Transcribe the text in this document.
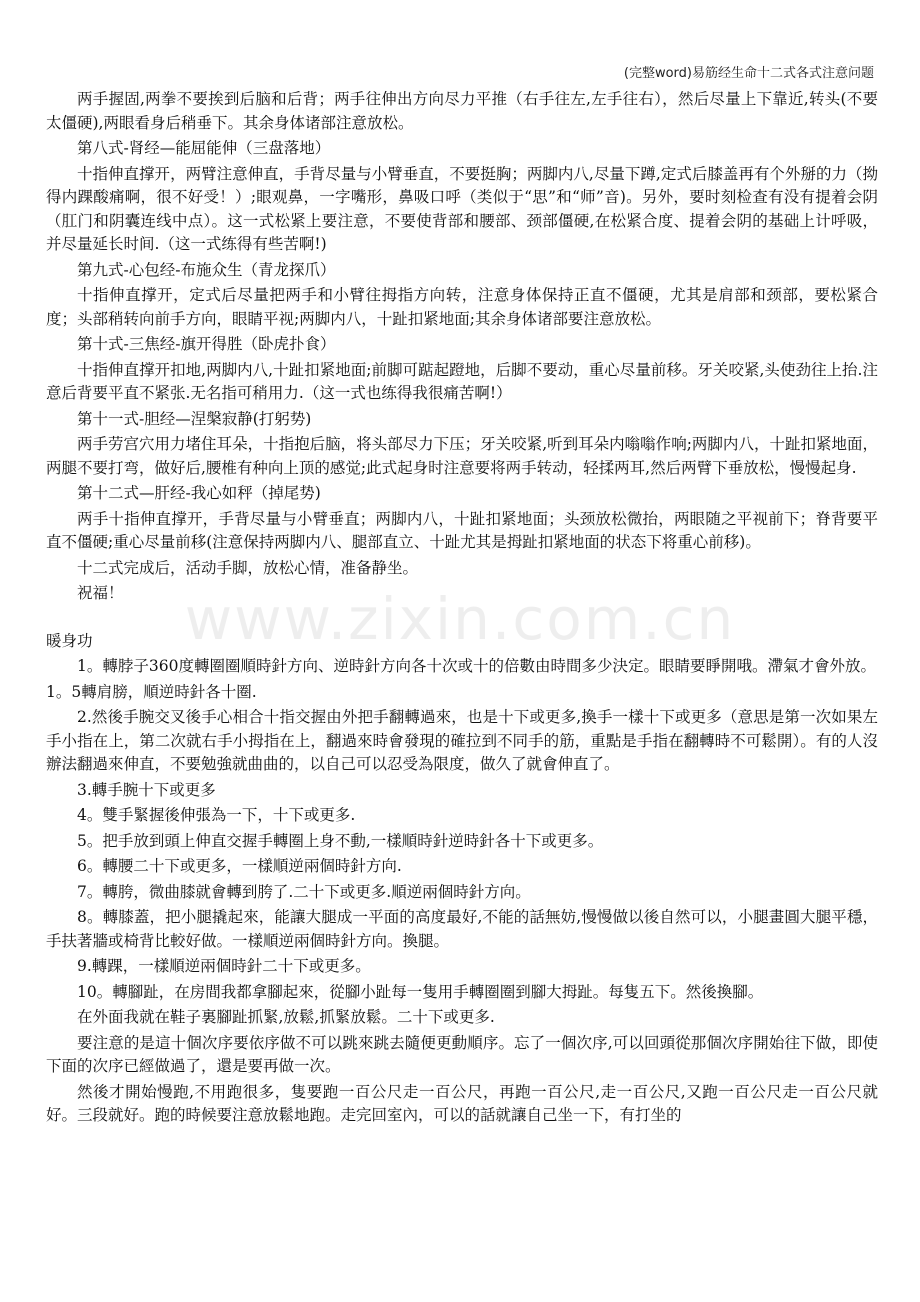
(完整word)易筋经生命十二式各式注意问题
www.zixin.com.cn

两手握固,两拳不要挨到后脑和后背；两手往伸出方向尽力平推（右手往左,左手往右），然后尽量上下靠近,转头(不要太僵硬),两眼看身后稍垂下。其余身体诸部注意放松。

第八式-肾经—能屈能伸（三盘落地）

十指伸直撑开，两臂注意伸直，手背尽量与小臂垂直，不要挺胸；两脚内八,尽量下蹲,定式后膝盖再有个外掰的力（拗得内踝酸痛啊，很不好受！）;眼观鼻，一字嘴形，鼻吸口呼（类似于“思”和“师”音)。另外，要时刻检查有没有提着会阴（肛门和阴囊连线中点）。这一式松紧上要注意，不要使背部和腰部、颈部僵硬,在松紧合度、提着会阴的基础上计呼吸，并尽量延长时间.（这一式练得有些苦啊!)

第九式-心包经-布施众生（青龙探爪）

十指伸直撑开，定式后尽量把两手和小臂往拇指方向转，注意身体保持正直不僵硬，尤其是肩部和颈部，要松紧合度；头部稍转向前手方向，眼睛平视;两脚内八，十趾扣紧地面;其余身体诸部要注意放松。

第十式-三焦经-旗开得胜（卧虎扑食）

十指伸直撑开扣地,两脚内八,十趾扣紧地面;前脚可踮起蹬地，后脚不要动，重心尽量前移。牙关咬紧,头使劲往上抬.注意后背要平直不紧张.无名指可稍用力.（这一式也练得我很痛苦啊!）

第十一式-胆经—涅槃寂静(打躬势)

两手劳宫穴用力堵住耳朵，十指抱后脑，将头部尽力下压；牙关咬紧,听到耳朵内嗡嗡作响;两脚内八，十趾扣紧地面，两腿不要打弯，做好后,腰椎有种向上顶的感觉;此式起身时注意要将两手转动，轻揉两耳,然后两臂下垂放松，慢慢起身.

第十二式—肝经-我心如秤（掉尾势)

两手十指伸直撑开，手背尽量与小臂垂直；两脚内八，十趾扣紧地面；头颈放松微抬，两眼随之平视前下；脊背要平直不僵硬;重心尽量前移(注意保持两脚内八、腿部直立、十趾尤其是拇趾扣紧地面的状态下将重心前移)。

十二式完成后，活动手脚，放松心情，准备静坐。

祝福！

暖身功

1。轉脖子360度轉圈圈順時針方向、逆時針方向各十次或十的倍數由時間多少決定。眼睛要睜開哦。滯氣才會外放。

1。5轉肩膀，順逆時針各十圈.

2.然後手腕交叉後手心相合十指交握由外把手翻轉過來，也是十下或更多,換手一樣十下或更多（意思是第一次如果左手小指在上，第二次就右手小拇指在上，翻過來時會發現的確拉到不同手的筋，重點是手指在翻轉時不可鬆開）。有的人沒辦法翻過來伸直，不要勉強就曲曲的，以自己可以忍受為限度，做久了就會伸直了。

3.轉手腕十下或更多

4。雙手緊握後伸張為一下，十下或更多.

5。把手放到頭上伸直交握手轉圈上身不動,一樣順時針逆時針各十下或更多。

6。轉腰二十下或更多，一樣順逆兩個時針方向.

7。轉胯，微曲膝就會轉到胯了.二十下或更多.順逆兩個時針方向。

8。轉膝蓋，把小腿撬起來，能讓大腿成一平面的高度最好,不能的話無妨,慢慢做以後自然可以，小腿畫圓大腿平穩，手扶著牆或椅背比較好做。一樣順逆兩個時針方向。換腿。

9.轉踝，一樣順逆兩個時針二十下或更多。

10。轉腳趾，在房間我都拿腳起來，從腳小趾每一隻用手轉圈圈到腳大拇趾。每隻五下。然後換腳。

在外面我就在鞋子裏腳趾抓緊,放鬆,抓緊放鬆。二十下或更多.

要注意的是這十個次序要依序做不可以跳來跳去隨便更動順序。忘了一個次序,可以回頭從那個次序開始往下做，即使下面的次序已經做過了，還是要再做一次。

然後才開始慢跑,不用跑很多，隻要跑一百公尺走一百公尺，再跑一百公尺,走一百公尺,又跑一百公尺走一百公尺就好。三段就好。跑的時候要注意放鬆地跑。走完回室內，可以的話就讓自己坐一下，有打坐的
